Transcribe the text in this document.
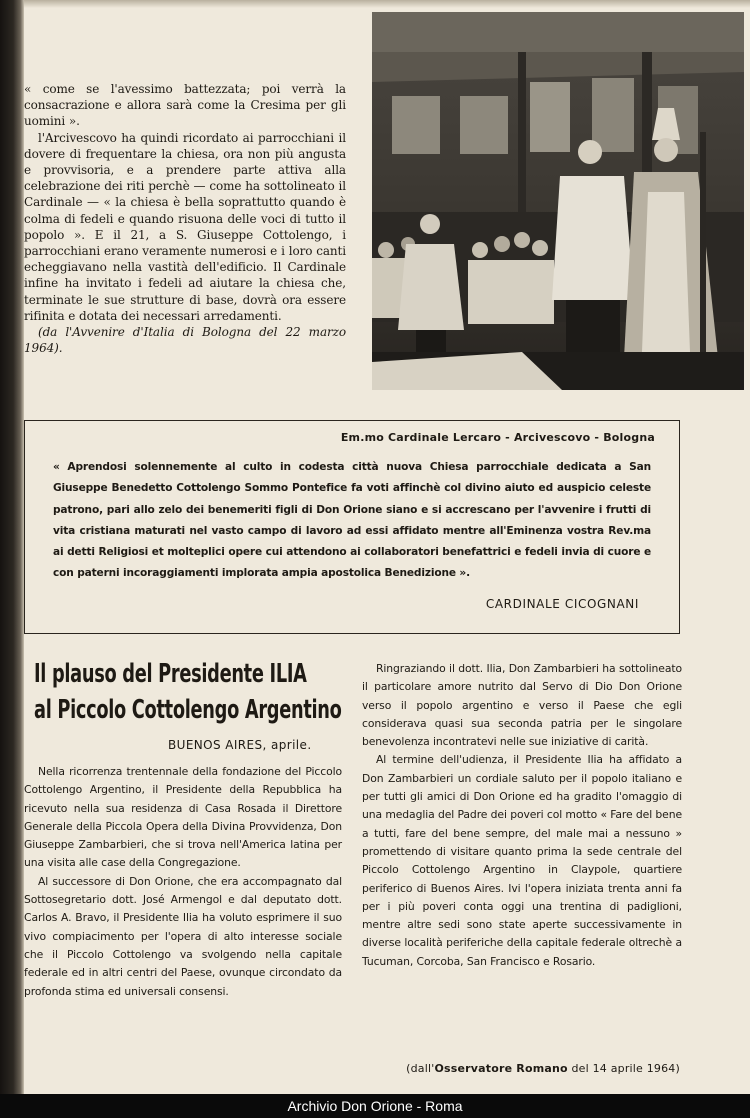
« come se l'avessimo battezzata; poi verrà la consacrazione e allora sarà come la Cresima per gli uomini ».

l'Arcivescovo ha quindi ricordato ai parrocchiani il dovere di frequentare la chiesa, ora non più angusta e provvisoria, e a prendere parte attiva alla celebrazione dei riti perchè — come ha sottolineato il Cardinale — « la chiesa è bella soprattutto quando è colma di fedeli e quando risuona delle voci di tutto il popolo ». E il 21, a S. Giuseppe Cottolengo, i parrocchiani erano veramente numerosi e i loro canti echeggiavano nella vastità dell'edificio. Il Cardinale infine ha invitato i fedeli ad aiutare la chiesa che, terminate le sue strutture di base, dovrà ora essere rifinita e dotata dei necessari arredamenti.

(da l'Avvenire d'Italia di Bologna del 22 marzo 1964).

Em.mo Cardinale Lercaro - Arcivescovo - Bologna

« Aprendosi solennemente al culto in codesta città nuova Chiesa parrocchiale dedicata a San Giuseppe Benedetto Cottolengo Sommo Pontefice fa voti affinchè col divino aiuto ed auspicio celeste patrono, pari allo zelo dei benemeriti figli di Don Orione siano e si accrescano per l'avvenire i frutti di vita cristiana maturati nel vasto campo di lavoro ad essi affidato mentre all'Eminenza vostra Rev.ma ai detti Religiosi et molteplici opere cui attendono ai collaboratori benefattrici e fedeli invia di cuore e con paterni incoraggiamenti implorata ampia apostolica Benedizione ».

CARDINALE CICOGNANI

Il plauso del Presidente ILIA
al Piccolo Cottolengo Argentino

BUENOS AIRES, aprile.

Nella ricorrenza trentennale della fondazione del Piccolo Cottolengo Argentino, il Presidente della Repubblica ha ricevuto nella sua residenza di Casa Rosada il Direttore Generale della Piccola Opera della Divina Provvidenza, Don Giuseppe Zambarbieri, che si trova nell'America latina per una visita alle case della Congregazione.

Al successore di Don Orione, che era accompagnato dal Sottosegretario dott. José Armengol e dal deputato dott. Carlos A. Bravo, il Presidente Ilia ha voluto esprimere il suo vivo compiacimento per l'opera di alto interesse sociale che il Piccolo Cottolengo va svolgendo nella capitale federale ed in altri centri del Paese, ovunque circondato da profonda stima ed universali consensi.

Ringraziando il dott. Ilia, Don Zambarbieri ha sottolineato il particolare amore nutrito dal Servo di Dio Don Orione verso il popolo argentino e verso il Paese che egli considerava quasi sua seconda patria per le singolare benevolenza incontratevi nelle sue iniziative di carità.

Al termine dell'udienza, il Presidente Ilia ha affidato a Don Zambarbieri un cordiale saluto per il popolo italiano e per tutti gli amici di Don Orione ed ha gradito l'omaggio di una medaglia del Padre dei poveri col motto « Fare del bene a tutti, fare del bene sempre, del male mai a nessuno » promettendo di visitare quanto prima la sede centrale del Piccolo Cottolengo Argentino in Claypole, quartiere periferico di Buenos Aires. Ivi l'opera iniziata trenta anni fa per i più poveri conta oggi una trentina di padiglioni, mentre altre sedi sono state aperte successivamente in diverse località periferiche della capitale federale oltrechè a Tucuman, Corcoba, San Francisco e Rosario.

(dall'Osservatore Romano del 14 aprile 1964)

Archivio Don Orione - Roma
